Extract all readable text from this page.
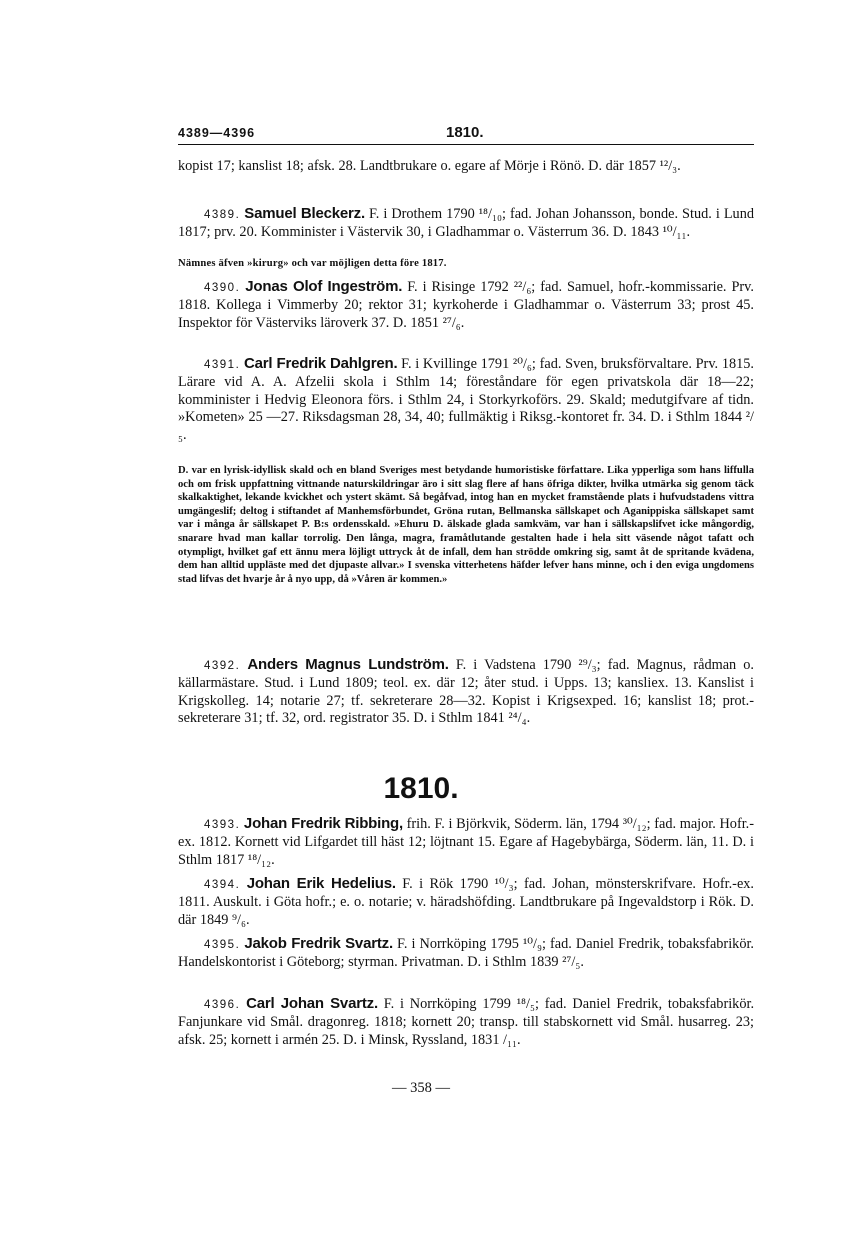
4389—4396	1810.
kopist 17; kanslist 18; afsk. 28. Landtbrukare o. egare af Mörje i Rönö. D. där 1857 ¹²/₃.
4389. Samuel Bleckerz. F. i Drothem 1790 ¹⁸/₁₀; fad. Johan Johansson, bonde. Stud. i Lund 1817; prv. 20. Komminister i Västervik 30, i Gladhammar o. Västerrum 36. D. 1843 ¹⁰/₁₁.
Nämnes äfven »kirurg» och var möjligen detta före 1817.
4390. Jonas Olof Ingeström. F. i Risinge 1792 ²²/₆; fad. Samuel, hofr.-kommissarie. Prv. 1818. Kollega i Vimmerby 20; rektor 31; kyrkoherde i Gladhammar o. Västerrum 33; prost 45. Inspektor för Västerviks läroverk 37. D. 1851 ²⁷/₆.
4391. Carl Fredrik Dahlgren. F. i Kvillinge 1791 ²⁰/₆; fad. Sven, bruksförvaltare. Prv. 1815. Lärare vid A. A. Afzelii skola i Sthlm 14; föreståndare för egen privatskola där 18—22; komminister i Hedvig Eleonora förs. i Sthlm 24, i Storkyrkoförs. 29. Skald; medutgifvare af tidn. »Kometen» 25 —27. Riksdagsman 28, 34, 40; fullmäktig i Riksg.-kontoret fr. 34. D. i Sthlm 1844 ²/₅.
D. var en lyrisk-idyllisk skald och en bland Sveriges mest betydande humoristiske författare. Lika ypperliga som hans liffulla och om frisk uppfattning vittnande naturskildringar äro i sitt slag flere af hans öfriga dikter, hvilka utmärka sig genom täck skalkaktighet, lekande kvickhet och ystert skämt. Så begåfvad, intog han en mycket framstående plats i hufvudstadens vittra umgängeslif; deltog i stiftandet af Manhemsförbundet, Gröna rutan, Bellmanska sällskapet och Aganippiska sällskapet samt var i många år sällskapet P. B:s ordensskald. »Ehuru D. älskade glada samkväm, var han i sällskapslifvet icke mångordig, snarare hvad man kallar torrolig. Den långa, magra, framåtlutande gestalten hade i hela sitt väsende något tafatt och otympligt, hvilket gaf ett ännu mera löjligt uttryck åt de infall, dem han strödde omkring sig, samt åt de spritande kvädena, dem han alltid uppläste med det djupaste allvar.» I svenska vitterhetens häfder lefver hans minne, och i den eviga ungdomens stad lifvas det hvarje år å nyo upp, då »Våren är kommen.»
4392. Anders Magnus Lundström. F. i Vadstena 1790 ²⁹/₃; fad. Magnus, rådman o. källarmästare. Stud. i Lund 1809; teol. ex. där 12; åter stud. i Upps. 13; kansliex. 13. Kanslist i Krigskolleg. 14; notarie 27; tf. sekreterare 28—32. Kopist i Krigsexped. 16; kanslist 18; prot.-sekreterare 31; tf. 32, ord. registrator 35. D. i Sthlm 1841 ²⁴/₄.
1810.
4393. Johan Fredrik Ribbing, frih. F. i Björkvik, Söderm. län, 1794 ³⁰/₁₂; fad. major. Hofr.-ex. 1812. Kornett vid Lifgardet till häst 12; löjtnant 15. Egare af Hagebybärga, Söderm. län, 11. D. i Sthlm 1817 ¹⁸/₁₂.
4394. Johan Erik Hedelius. F. i Rök 1790 ¹⁰/₃; fad. Johan, mönsterskrifvare. Hofr.-ex. 1811. Auskult. i Göta hofr.; e. o. notarie; v. häradshöfding. Landtbrukare på Ingevaldstorp i Rök. D. där 1849 ⁹/₆.
4395. Jakob Fredrik Svartz. F. i Norrköping 1795 ¹⁰/₉; fad. Daniel Fredrik, tobaksfabrikör. Handelskontorist i Göteborg; styrman. Privatman. D. i Sthlm 1839 ²⁷/₅.
4396. Carl Johan Svartz. F. i Norrköping 1799 ¹⁸/₅; fad. Daniel Fredrik, tobaksfabrikör. Fanjunkare vid Smål. dragonreg. 1818; kornett 20; transp. till stabskornett vid Smål. husarreg. 23; afsk. 25; kornett i armén 25. D. i Minsk, Ryssland, 1831 /₁₁.
— 358 —
